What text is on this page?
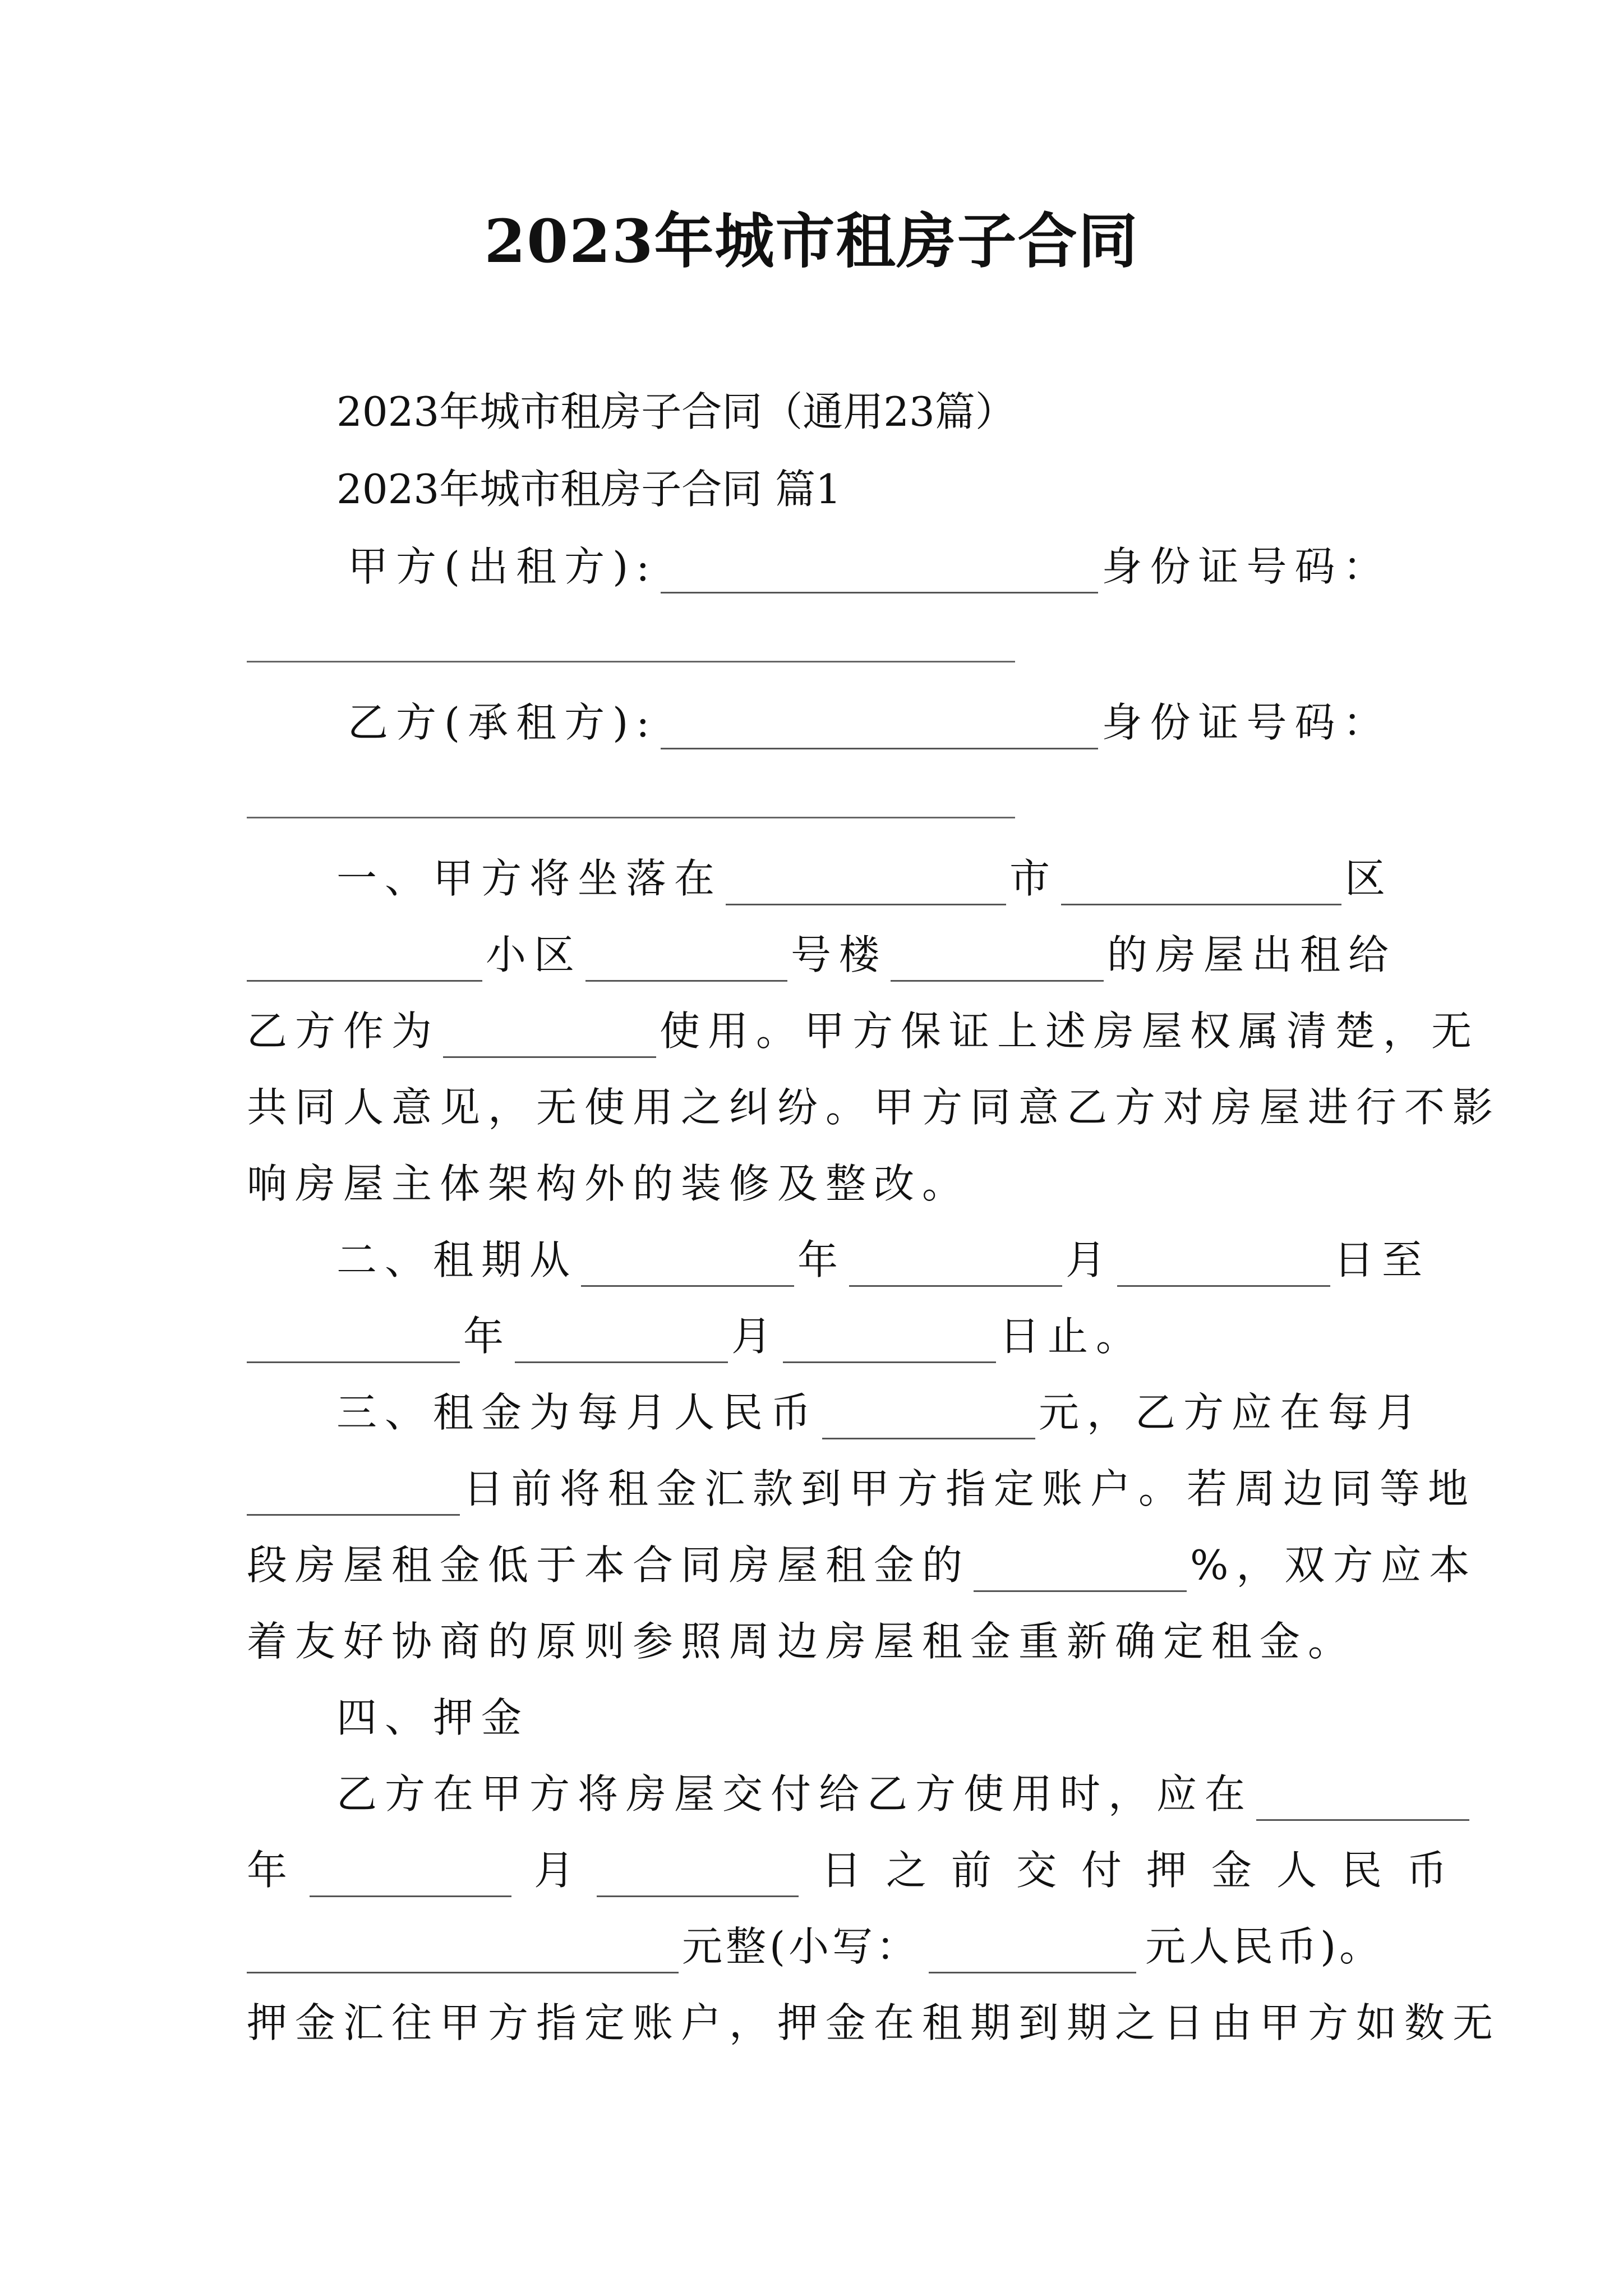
2023年城市租房子合同
2023年城市租房子合同（通用23篇）
2023年城市租房子合同 篇1
甲方(出租方):	身份证号码：
乙方(承租方):	身份证号码：
一、甲方将坐落在	市	区
小区	号楼	的房屋出租给
乙方作为	使用。甲方保证上述房屋权属清楚，无
共同人意见，无使用之纠纷。甲方同意乙方对房屋进行不影
响房屋主体架构外的装修及整改。
二、租期从	年	月	日至
年	月	日止。
三、租金为每月人民币	元，乙方应在每月
日前将租金汇款到甲方指定账户。若周边同等地
段房屋租金低于本合同房屋租金的	%，双方应本
着友好协商的原则参照周边房屋租金重新确定租金。
四、押金
乙方在甲方将房屋交付给乙方使用时，应在
年	月	日之前交付押金人民币
元整(小写：	元人民币)。
押金汇往甲方指定账户，押金在租期到期之日由甲方如数无
